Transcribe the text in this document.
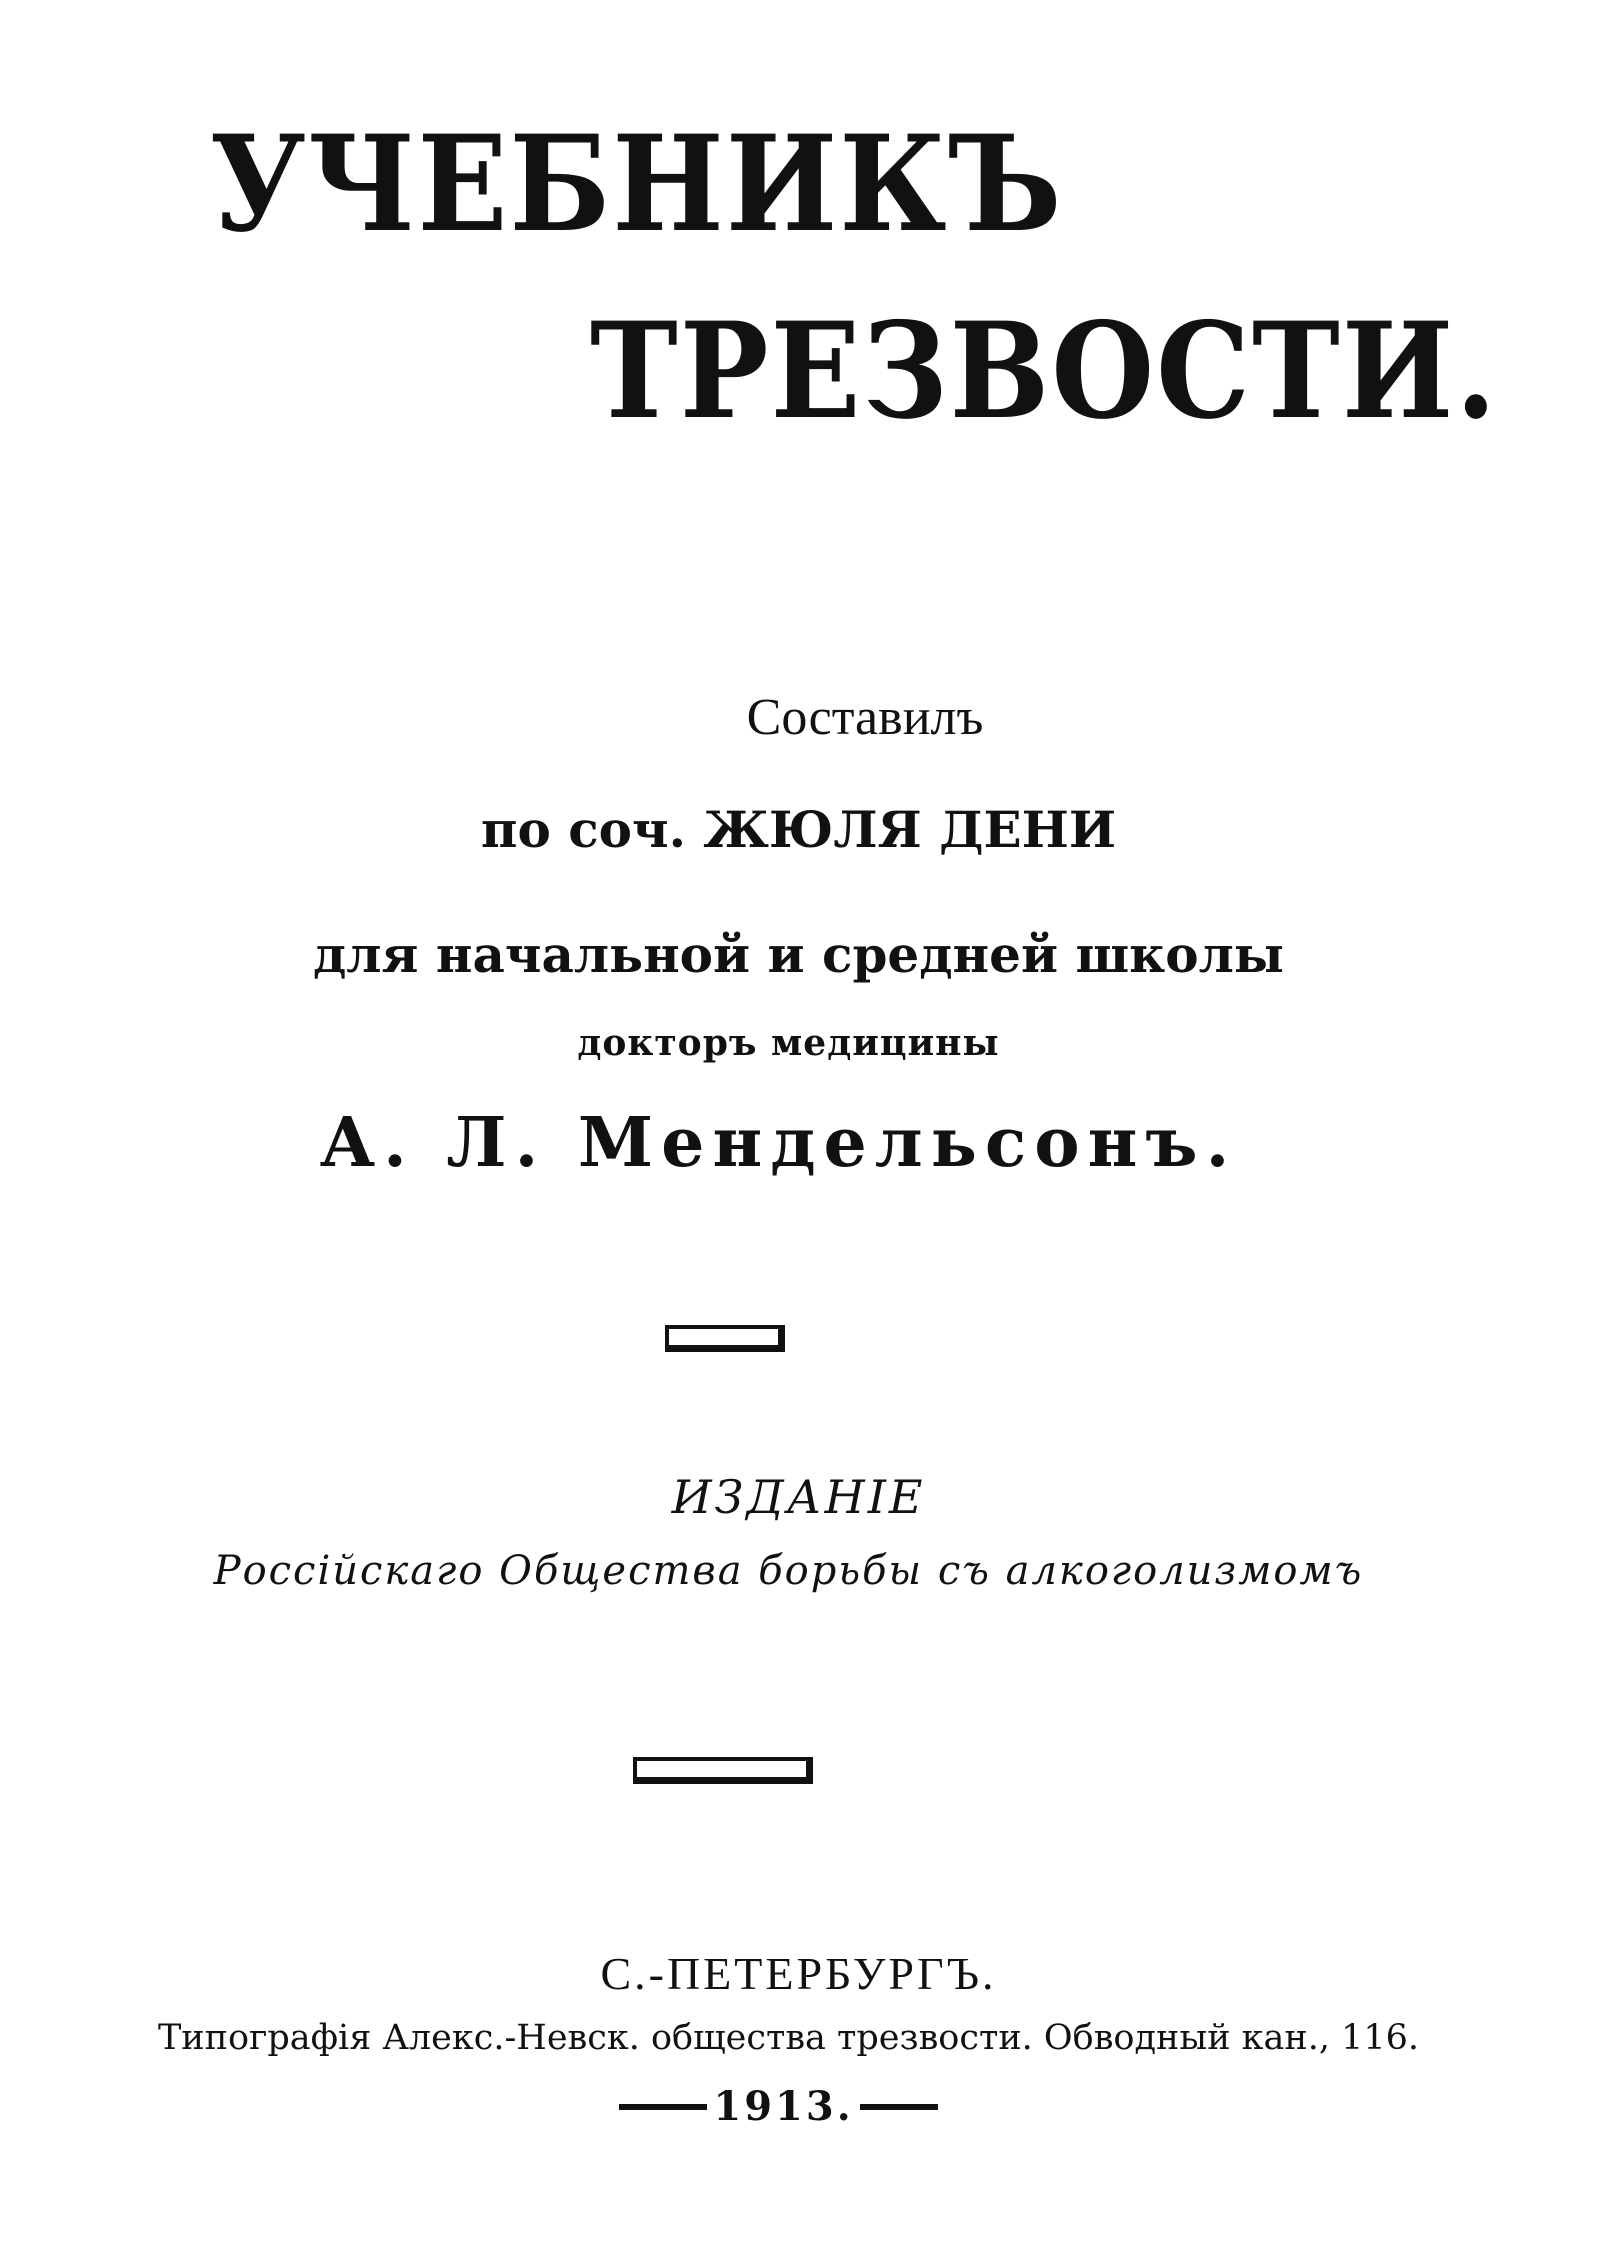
УЧЕБНИКЪ
ТРЕЗВОСТИ.
Составилъ
по соч. ЖЮЛЯ ДЕНИ
для начальной и средней школы
докторъ медицины
А. Л. Мендельсонъ.
ИЗДАНІЕ
Россійскаго Общества борьбы съ алкоголизмомъ
С.-ПЕТЕРБУРГЪ.
Типографія Алекс.-Невск. общества трезвости. Обводный кан., 116.
1913.
